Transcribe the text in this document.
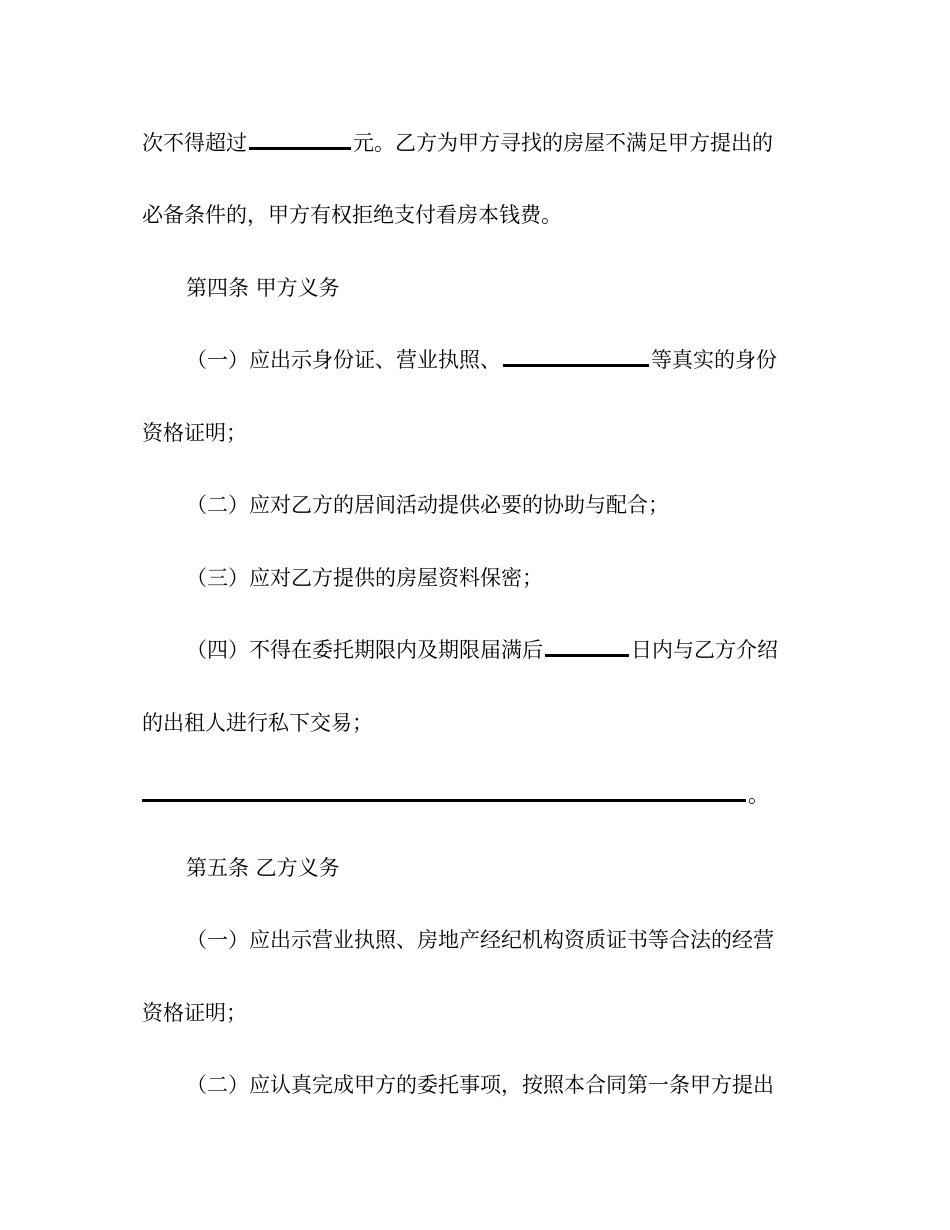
次不得超过	元。乙方为甲方寻找的房屋不满足甲方提出的
必备条件的，甲方有权拒绝支付看房本钱费。
第四条 甲方义务
（一）应出示身份证、营业执照、	等真实的身份
资格证明；
（二）应对乙方的居间活动提供必要的协助与配合；
（三）应对乙方提供的房屋资料保密；
（四）不得在委托期限内及期限届满后	日内与乙方介绍
的出租人进行私下交易；
。
第五条 乙方义务
（一）应出示营业执照、房地产经纪机构资质证书等合法的经营
资格证明；
（二）应认真完成甲方的委托事项，按照本合同第一条甲方提出
